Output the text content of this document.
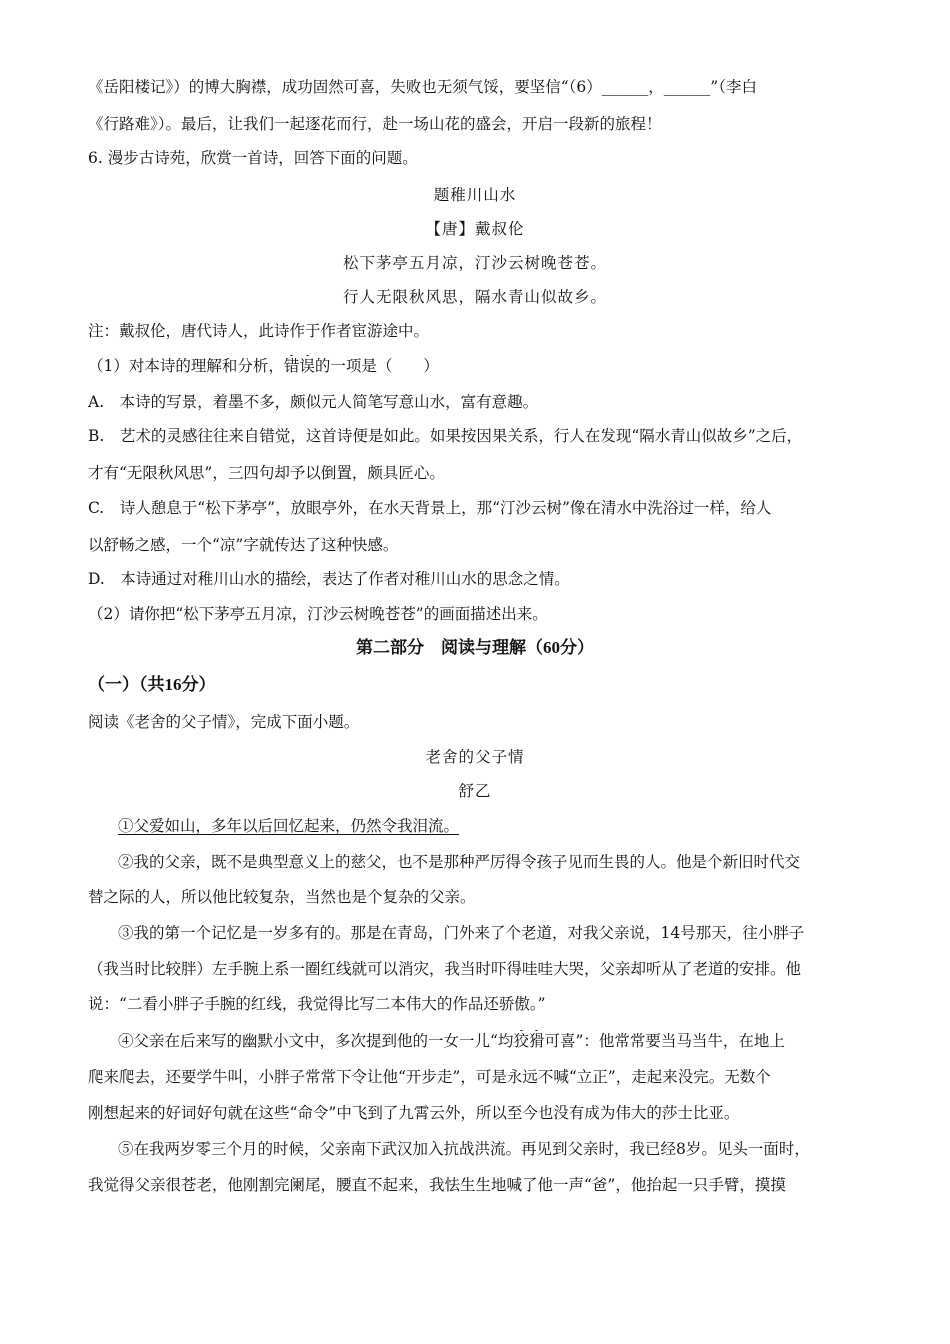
《岳阳楼记》）的博大胸襟，成功固然可喜，失败也无须气馁，要坚信“（6）______，______”（李白
《行路难》）。最后，让我们一起逐花而行，赴一场山花的盛会，开启一段新的旅程！
6. 漫步古诗苑，欣赏一首诗，回答下面的问题。
题稚川山水
【唐】戴叔伦
松下茅亭五月凉，汀沙云树晚苍苍。
行人无限秋风思，隔水青山似故乡。
注：戴叔伦，唐代诗人，此诗作于作者宦游途中。
（1）对本诗的理解和分析，错误的一项是（　　）
A.　本诗的写景，着墨不多，颇似元人简笔写意山水，富有意趣。
B.　艺术的灵感往往来自错觉，这首诗便是如此。如果按因果关系，行人在发现“隔水青山似故乡”之后，
才有“无限秋风思”，三四句却予以倒置，颇具匠心。
C.　诗人憩息于“松下茅亭”，放眼亭外，在水天背景上，那“汀沙云树”像在清水中洗浴过一样，给人
以舒畅之感，一个“凉”字就传达了这种快感。
D.　本诗通过对稚川山水的描绘，表达了作者对稚川山水的思念之情。
（2）请你把“松下茅亭五月凉，汀沙云树晚苍苍”的画面描述出来。
第二部分　阅读与理解（60分）
（一）（共16分）
阅读《老舍的父子情》，完成下面小题。
老舍的父子情
舒乙
①父爱如山，多年以后回忆起来，仍然令我泪流。
②我的父亲，既不是典型意义上的慈父，也不是那种严厉得令孩子见而生畏的人。他是个新旧时代交
替之际的人，所以他比较复杂，当然也是个复杂的父亲。
③我的第一个记忆是一岁多有的。那是在青岛，门外来了个老道，对我父亲说，14号那天，往小胖子
（我当时比较胖）左手腕上系一圈红线就可以消灾，我当时吓得哇哇大哭，父亲却听从了老道的安排。他
说：“二看小胖子手腕的红线，我觉得比写二本伟大的作品还骄傲。”
④父亲在后来写的幽默小文中，多次提到他的一女一儿“均狡猾可喜”：他常常要当马当牛，在地上
爬来爬去，还要学牛叫，小胖子常常下令让他“开步走”，可是永远不喊“立正”，走起来没完。无数个
刚想起来的好词好句就在这些“命令”中飞到了九霄云外，所以至今也没有成为伟大的莎士比亚。
⑤在我两岁零三个月的时候，父亲南下武汉加入抗战洪流。再见到父亲时，我已经8岁。见头一面时，
我觉得父亲很苍老，他刚割完阑尾，腰直不起来，我怯生生地喊了他一声“爸”，他抬起一只手臂，摸摸
